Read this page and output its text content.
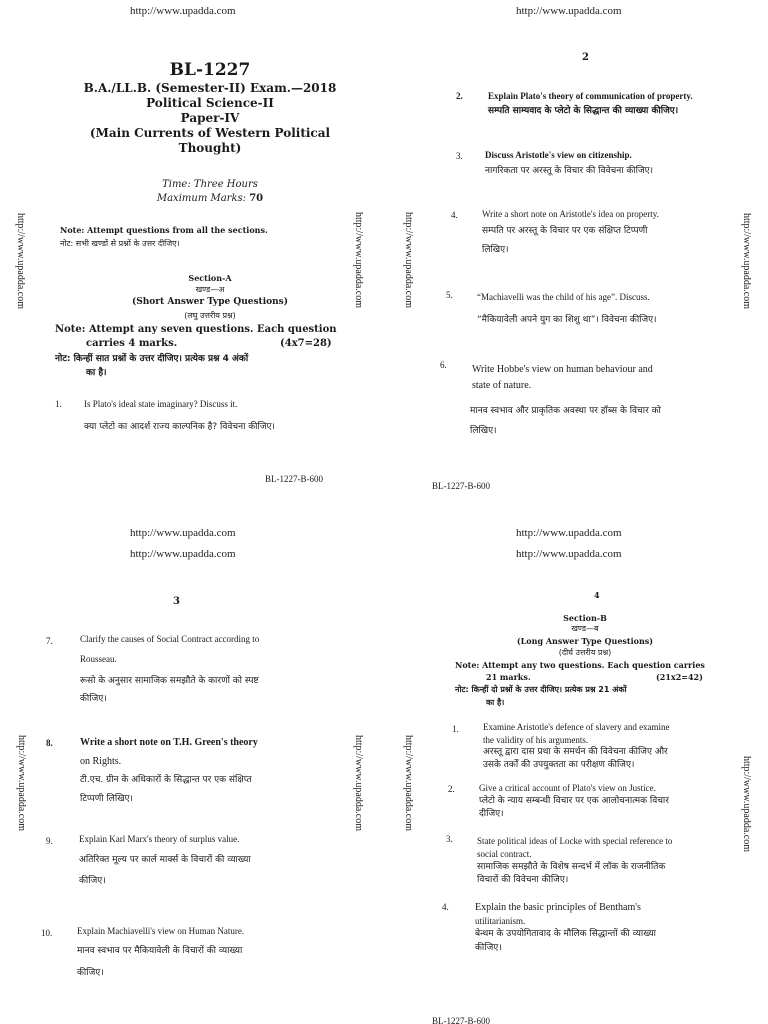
http://www.upadda.com
http://www.upadda.com	http://www.upadda.com
BL-1227
B.A./LL.B. (Semester-II) Exam.—2018
Political Science-II
Paper-IV
(Main Currents of Western Political
Thought)
Time: Three Hours
Maximum Marks: 70
Note: Attempt questions from all the sections.
नोट: सभी खण्डों से प्रश्नों के उत्तर दीजिए।
Section-A
खण्ड—अ
(Short Answer Type Questions)
(लघु उत्तरीय प्रश्न)
Note: Attempt any seven questions. Each question
carries 4 marks.	(4x7=28)
नोट: किन्हीं सात प्रश्नों के उत्तर दीजिए। प्रत्येक प्रश्न 4 अंकों
का है।
1. Is Plato's ideal state imaginary? Discuss it.
क्या प्लेटो का आदर्श राज्य काल्पनिक है? विवेचना कीजिए।
BL-1227-B-600
http://www.upadda.com
http://www.upadda.com	http://www.upadda.com
2
2.	Explain Plato's theory of communication of property.
सम्पति साम्यवाद के प्लेटो के सिद्धान्त की व्याख्या कीजिए।
3. Discuss Aristotle's view on citizenship.
नागरिकता पर अरस्तू के विचार की विवेचना कीजिए।
4.	Write a short note on Aristotle's idea on property.
सम्पति पर अरस्तू के विचार पर एक संक्षिप्त टिप्पणी
लिखिए।
5.	“Machiavelli was the child of his age”. Discuss.
“मैकियावेली अपने युग का शिशु था”। विवेचना कीजिए।
6.	Write Hobbe's view on human behaviour and
state of nature.
मानव स्वभाव और प्राकृतिक अवस्था पर हॉब्स के विचार को
लिखिए।
BL-1227-B-600
http://www.upadda.com
http://www.upadda.com
http://www.upadda.com	http://www.upadda.com
3
7.	Clarify the causes of Social Contract according to
Rousseau.
रूसो के अनुसार सामाजिक समझौते के कारणों को स्पष्ट
कीजिए।
8.	Write a short note on T.H. Green's theory
on Rights.
टी.एच. ग्रीन के अधिकारों के सिद्धान्त पर एक संक्षिप्त
टिप्पणी लिखिए।
9.	Explain Karl Marx's theory of surplus value.
अतिरिक्त मूल्य पर कार्ल मार्क्स के विचारों की व्याख्या
कीजिए।
10.	Explain Machiavelli's view on Human Nature.
मानव स्वभाव पर मैकियावेली के विचारों की व्याख्या
कीजिए।
http://www.upadda.com
http://www.upadda.com
http://www.upadda.com	http://www.upadda.com
4
Section-B
खण्ड—ब
(Long Answer Type Questions)
(दीर्घ उत्तरीय प्रश्न)
Note: Attempt any two questions. Each question carries
21 marks.	(21x2=42)
नोट: किन्हीं दो प्रश्नों के उत्तर दीजिए। प्रत्येक प्रश्न 21 अंकों
का है।
1.	Examine Aristotle's defence of slavery and examine
the validity of his arguments.
अरस्तू द्वारा दास प्रथा के समर्थन की विवेचना कीजिए और
उसके तर्कों की उपयुक्तता का परीक्षण कीजिए।
2.	Give a critical account of Plato's view on Justice.
प्लेटो के न्याय सम्बन्धी विचार पर एक आलोचनात्मक विचार
दीजिए।
3.	State political ideas of Locke with special reference to
social contract.
सामाजिक समझौते के विशेष सन्दर्भ में लॉक के राजनीतिक
विचारों की विवेचना कीजिए।
4.	Explain the basic principles of Bentham's
utilitarianism.
बेन्थम के उपयोगितावाद के मौलिक सिद्धान्तों की व्याख्या
कीजिए।
BL-1227-B-600
